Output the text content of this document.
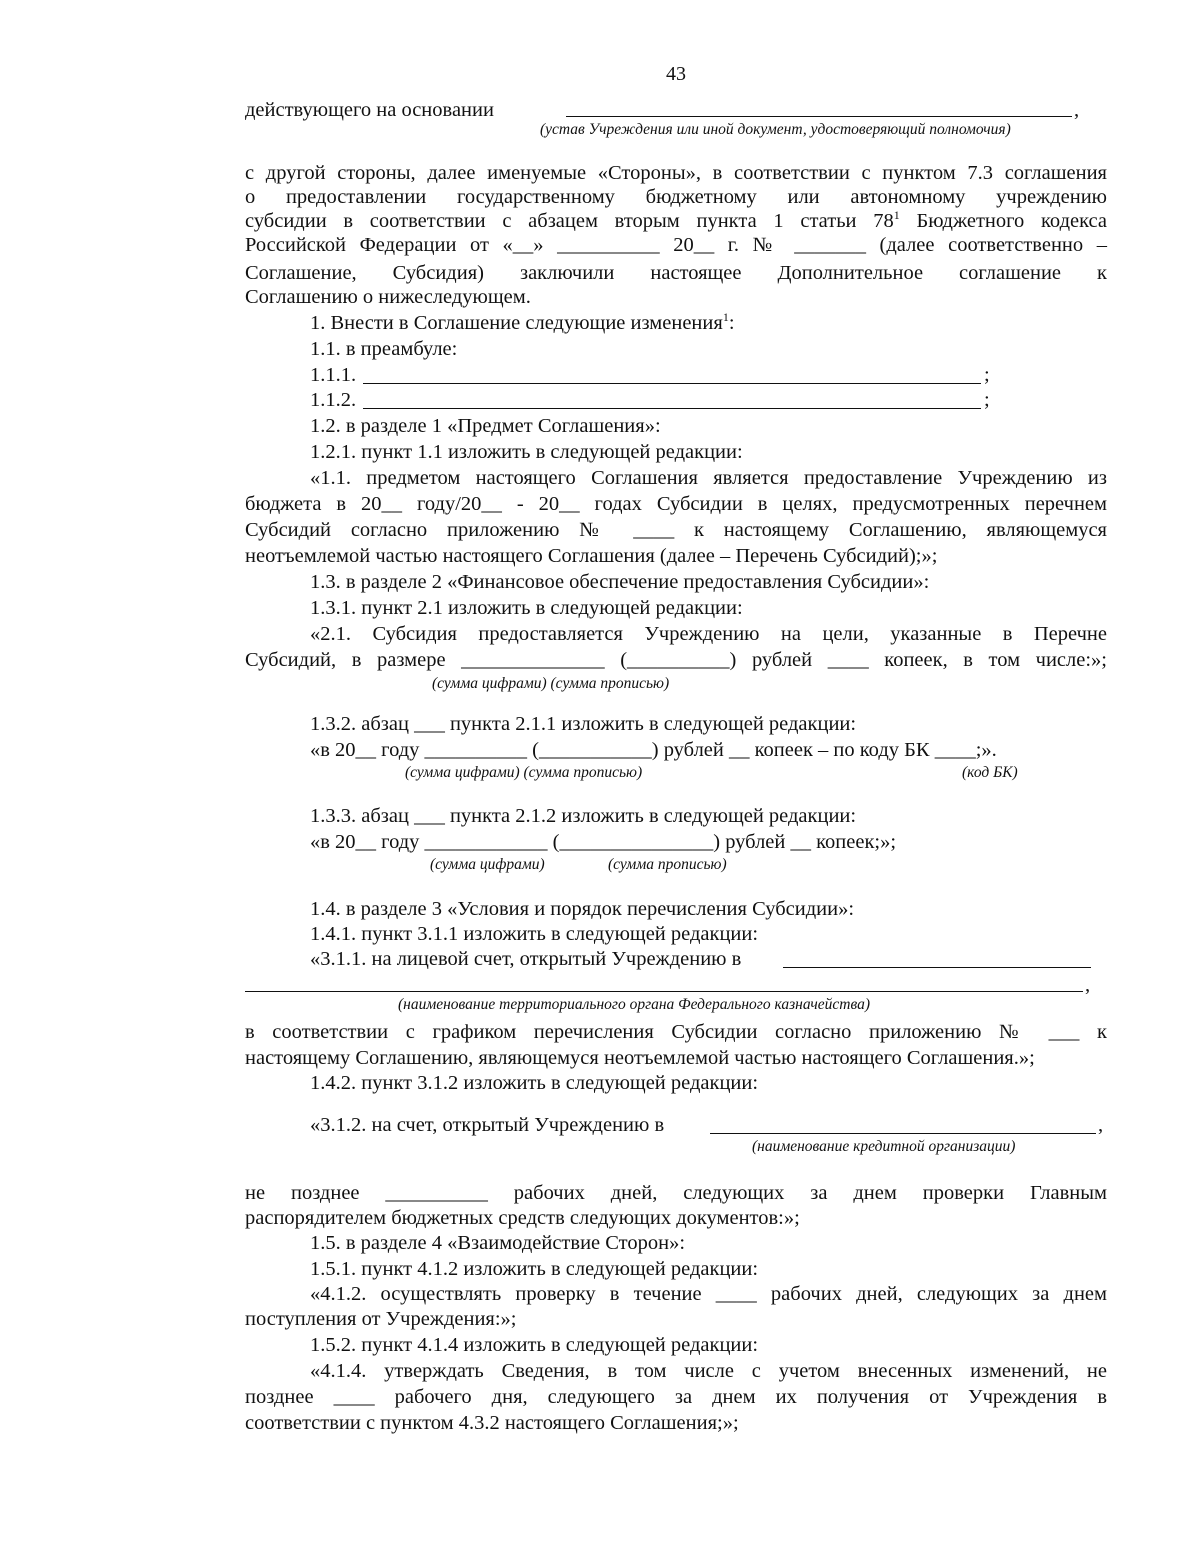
43
действующего на основании	,
(устав Учреждения или иной документ, удостоверяющий полномочия)
с другой стороны, далее именуемые «Стороны», в соответствии с пунктом 7.3 соглашения
о предоставлении государственному бюджетному или автономному учреждению
субсидии в соответствии с абзацем вторым пункта 1 статьи $78^1$ Бюджетного кодекса
Российской Федерации от «__» __________ 20__ г. № _______ (далее соответственно –
Соглашение, Субсидия) заключили настоящее Дополнительное соглашение к
Соглашению о нижеследующем.
1. Внести в Соглашение следующие изменения$^1$:
1.1. в преамбуле:
1.1.1.	;
1.1.2.	;
1.2. в разделе 1 «Предмет Соглашения»:
1.2.1. пункт 1.1 изложить в следующей редакции:
«1.1. предметом настоящего Соглашения является предоставление Учреждению из
бюджета в 20__ году/20__ - 20__ годах Субсидии в целях, предусмотренных перечнем
Субсидий согласно приложению № ____ к настоящему Соглашению, являющемуся
неотъемлемой частью настоящего Соглашения (далее – Перечень Субсидий);»;
1.3. в разделе 2 «Финансовое обеспечение предоставления Субсидии»:
1.3.1. пункт 2.1 изложить в следующей редакции:
«2.1. Субсидия предоставляется Учреждению на цели, указанные в Перечне
Субсидий, в размере ______________ (__________) рублей ____ копеек, в том числе:»;
(сумма цифрами) (сумма прописью)
1.3.2. абзац ___ пункта 2.1.1 изложить в следующей редакции:
«в 20__ году __________ (___________) рублей __ копеек – по коду БК ____;».
(сумма цифрами) (сумма прописью)	(код БК)
1.3.3. абзац ___ пункта 2.1.2 изложить в следующей редакции:
«в 20__ году ____________ (_______________) рублей __ копеек;»;
(сумма цифрами)	(сумма прописью)
1.4. в разделе 3 «Условия и порядок перечисления Субсидии»:
1.4.1. пункт 3.1.1 изложить в следующей редакции:
«3.1.1. на лицевой счет, открытый Учреждению в
,
(наименование территориального органа Федерального казначейства)
в соответствии с графиком перечисления Субсидии согласно приложению № ___ к
настоящему Соглашению, являющемуся неотъемлемой частью настоящего Соглашения.»;
1.4.2. пункт 3.1.2 изложить в следующей редакции:
«3.1.2. на счет, открытый Учреждению в	,
(наименование кредитной организации)
не позднее __________ рабочих дней, следующих за днем проверки Главным
распорядителем бюджетных средств следующих документов:»;
1.5. в разделе 4 «Взаимодействие Сторон»:
1.5.1. пункт 4.1.2 изложить в следующей редакции:
«4.1.2. осуществлять проверку в течение ____ рабочих дней, следующих за днем
поступления от Учреждения:»;
1.5.2. пункт 4.1.4 изложить в следующей редакции:
«4.1.4. утверждать Сведения, в том числе с учетом внесенных изменений, не
позднее ____ рабочего дня, следующего за днем их получения от Учреждения в
соответствии с пунктом 4.3.2 настоящего Соглашения;»;
